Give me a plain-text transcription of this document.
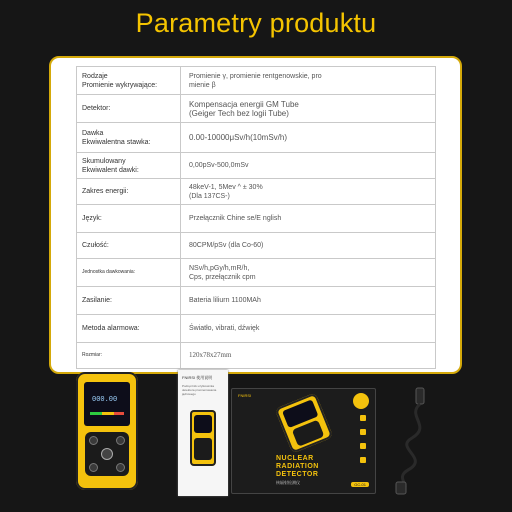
Parametry produktu
Rodzaje
Promienie wykrywające:	Promienie γ, promienie rentgenowskie, pro
mienie β

Detektor:	Kompensacja energii GM Tube
(Geiger Tech bez logii Tube)

Dawka
Ekwiwalentna stawka:	0.00-10000μSv/h(10mSv/h)
Skumulowany
Ekwiwalent dawki:	0,00pSv-500,0mSv
Zakres energii:	48keV-1, 5Mev ^ ± 30%
(Dla 137CS-)

Język:	Przełącznik Chine se/E nglish
Czułość:	80CPM/pSv (dla Co-60)
Jednostka dawkowania:	NSv/h,pGy/h,mR/h,
Cps, przełącznik cpm

Zasilanie:	Bateria liliurn 1100MAh
Metoda alarmowa:	Światło, vibrati, dźwięk
Rozmiar:	120x78x27mm
000.00
FNIRSI 使用说明
Podręcznik użytkownika detektora promieniowania jądrowego	FNIRSI
NUCLEAR
RADIATION
DETECTOR
核辐射检测仪	GC-01
